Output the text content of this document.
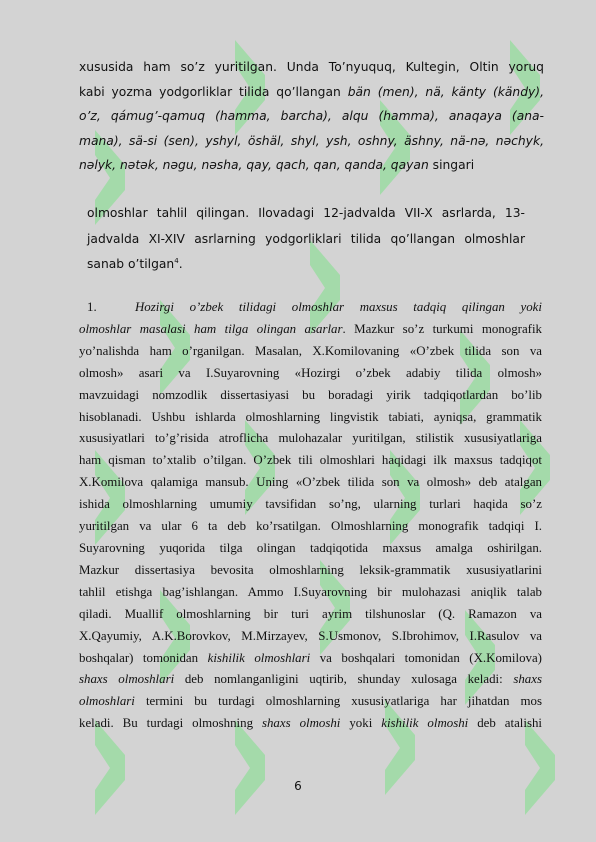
xususida ham so’z yuritilgan. Unda To’nyuquq, Kultegin, Oltin yoruq
kabi yozma yodgorliklar tilida qo’llangan bän (men), nä, känty (kändy),
o’z, qámug’-qamuq (hamma, barcha), alqu (hamma), anaqaya (ana-
mana), sä-si (sen), yshyl, öshäl, shyl, ysh, oshny, äshny, nä-nә, nәchyk,
nәlyk, nәtәk, nәgu, nәsha, qay, qach, qan, qanda, qayan singari
olmoshlar tahlil qilingan. Ilovadagi 12-jadvalda VII-X asrlarda, 13-
jadvalda XI-XIV asrlarning yodgorliklari tilida qo’llangan olmoshlar
sanab o’tilgan$^4$.
1.	Hozirgi o’zbek tilidagi olmoshlar maxsus tadqiq qilingan yoki
olmoshlar masalasi ham tilga olingan asarlar. Mazkur so’z turkumi monografik
yo’nalishda ham o’rganilgan. Masalan, X.Komilovaning «O’zbek tilida son va
olmosh» asari va I.Suyarovning «Hozirgi o’zbek adabiy tilida olmosh»
mavzuidagi nomzodlik dissertasiyasi bu boradagi yirik tadqiqotlardan bo’lib
hisoblanadi. Ushbu ishlarda olmoshlarning lingvistik tabiati, ayniqsa, grammatik
xususiyatlari to’g’risida atroflicha mulohazalar yuritilgan, stilistik xususiyatlariga
ham qisman to’xtalib o’tilgan. O’zbek tili olmoshlari haqidagi ilk maxsus tadqiqot
X.Komilova qalamiga mansub. Uning «O’zbek tilida son va olmosh» deb atalgan
ishida olmoshlarning umumiy tavsifidan so’ng, ularning turlari haqida so’z
yuritilgan va ular 6 ta deb ko’rsatilgan. Olmoshlarning monografik tadqiqi I.
Suyarovning yuqorida tilga olingan tadqiqotida maxsus amalga oshirilgan.
Mazkur dissertasiya bevosita olmoshlarning leksik-grammatik xususiyatlarini
tahlil etishga bag’ishlangan. Ammo I.Suyarovning bir mulohazasi aniqlik talab
qiladi. Muallif olmoshlarning bir turi ayrim tilshunoslar (Q. Ramazon va
X.Qayumiy, A.K.Borovkov, M.Mirzayev, S.Usmonov, S.Ibrohimov, I.Rasulov va
boshqalar) tomonidan kishilik olmoshlari va boshqalari tomonidan (X.Komilova)
shaxs olmoshlari deb nomlanganligini uqtirib, shunday xulosaga keladi: shaxs
olmoshlari termini bu turdagi olmoshlarning xususiyatlariga har jihatdan mos
keladi. Bu turdagi olmoshning shaxs olmoshi yoki kishilik olmoshi deb atalishi
6
